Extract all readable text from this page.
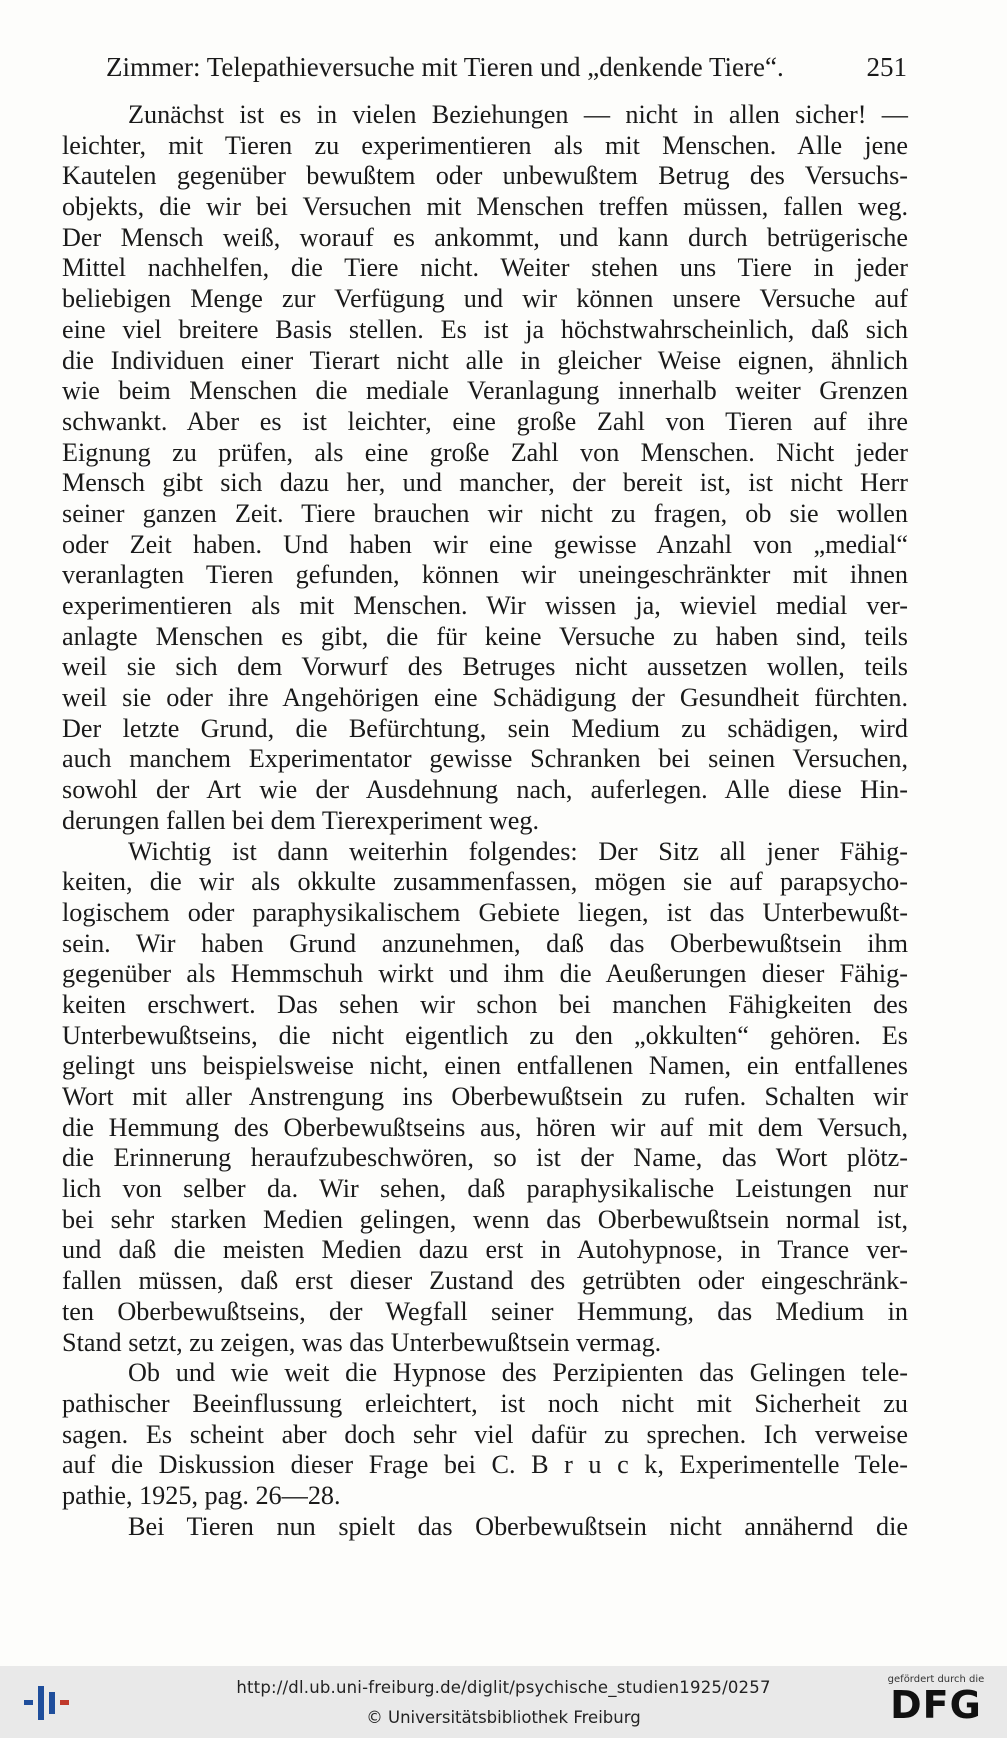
Zimmer: Telepathieversuche mit Tieren und „denkende Tiere“.	251
Zunächst ist es in vielen Beziehungen — nicht in allen sicher! —
leichter, mit Tieren zu experimentieren als mit Menschen. Alle jene
Kautelen gegenüber bewußtem oder unbewußtem Betrug des Versuchs-
objekts, die wir bei Versuchen mit Menschen treffen müssen, fallen weg.
Der Mensch weiß, worauf es ankommt, und kann durch betrügerische
Mittel nachhelfen, die Tiere nicht. Weiter stehen uns Tiere in jeder
beliebigen Menge zur Verfügung und wir können unsere Versuche auf
eine viel breitere Basis stellen. Es ist ja höchstwahrscheinlich, daß sich
die Individuen einer Tierart nicht alle in gleicher Weise eignen, ähnlich
wie beim Menschen die mediale Veranlagung innerhalb weiter Grenzen
schwankt. Aber es ist leichter, eine große Zahl von Tieren auf ihre
Eignung zu prüfen, als eine große Zahl von Menschen. Nicht jeder
Mensch gibt sich dazu her, und mancher, der bereit ist, ist nicht Herr
seiner ganzen Zeit. Tiere brauchen wir nicht zu fragen, ob sie wollen
oder Zeit haben. Und haben wir eine gewisse Anzahl von „medial“
veranlagten Tieren gefunden, können wir uneingeschränkter mit ihnen
experimentieren als mit Menschen. Wir wissen ja, wieviel medial ver-
anlagte Menschen es gibt, die für keine Versuche zu haben sind, teils
weil sie sich dem Vorwurf des Betruges nicht aussetzen wollen, teils
weil sie oder ihre Angehörigen eine Schädigung der Gesundheit fürchten.
Der letzte Grund, die Befürchtung, sein Medium zu schädigen, wird
auch manchem Experimentator gewisse Schranken bei seinen Versuchen,
sowohl der Art wie der Ausdehnung nach, auferlegen. Alle diese Hin-
derungen fallen bei dem Tierexperiment weg.
Wichtig ist dann weiterhin folgendes: Der Sitz all jener Fähig-
keiten, die wir als okkulte zusammenfassen, mögen sie auf parapsycho-
logischem oder paraphysikalischem Gebiete liegen, ist das Unterbewußt-
sein. Wir haben Grund anzunehmen, daß das Oberbewußtsein ihm
gegenüber als Hemmschuh wirkt und ihm die Aeußerungen dieser Fähig-
keiten erschwert. Das sehen wir schon bei manchen Fähigkeiten des
Unterbewußtseins, die nicht eigentlich zu den „okkulten“ gehören. Es
gelingt uns beispielsweise nicht, einen entfallenen Namen, ein entfallenes
Wort mit aller Anstrengung ins Oberbewußtsein zu rufen. Schalten wir
die Hemmung des Oberbewußtseins aus, hören wir auf mit dem Versuch,
die Erinnerung heraufzubeschwören, so ist der Name, das Wort plötz-
lich von selber da. Wir sehen, daß paraphysikalische Leistungen nur
bei sehr starken Medien gelingen, wenn das Oberbewußtsein normal ist,
und daß die meisten Medien dazu erst in Autohypnose, in Trance ver-
fallen müssen, daß erst dieser Zustand des getrübten oder eingeschränk-
ten Oberbewußtseins, der Wegfall seiner Hemmung, das Medium in
Stand setzt, zu zeigen, was das Unterbewußtsein vermag.
Ob und wie weit die Hypnose des Perzipienten das Gelingen tele-
pathischer Beeinflussung erleichtert, ist noch nicht mit Sicherheit zu
sagen. Es scheint aber doch sehr viel dafür zu sprechen. Ich verweise
auf die Diskussion dieser Frage bei C. B r u c k, Experimentelle Tele-
pathie, 1925, pag. 26—28.
Bei Tieren nun spielt das Oberbewußtsein nicht annähernd die
http://dl.ub.uni-freiburg.de/diglit/psychische_studien1925/0257
© Universitätsbibliothek Freiburg
gefördert durch die
DFG
